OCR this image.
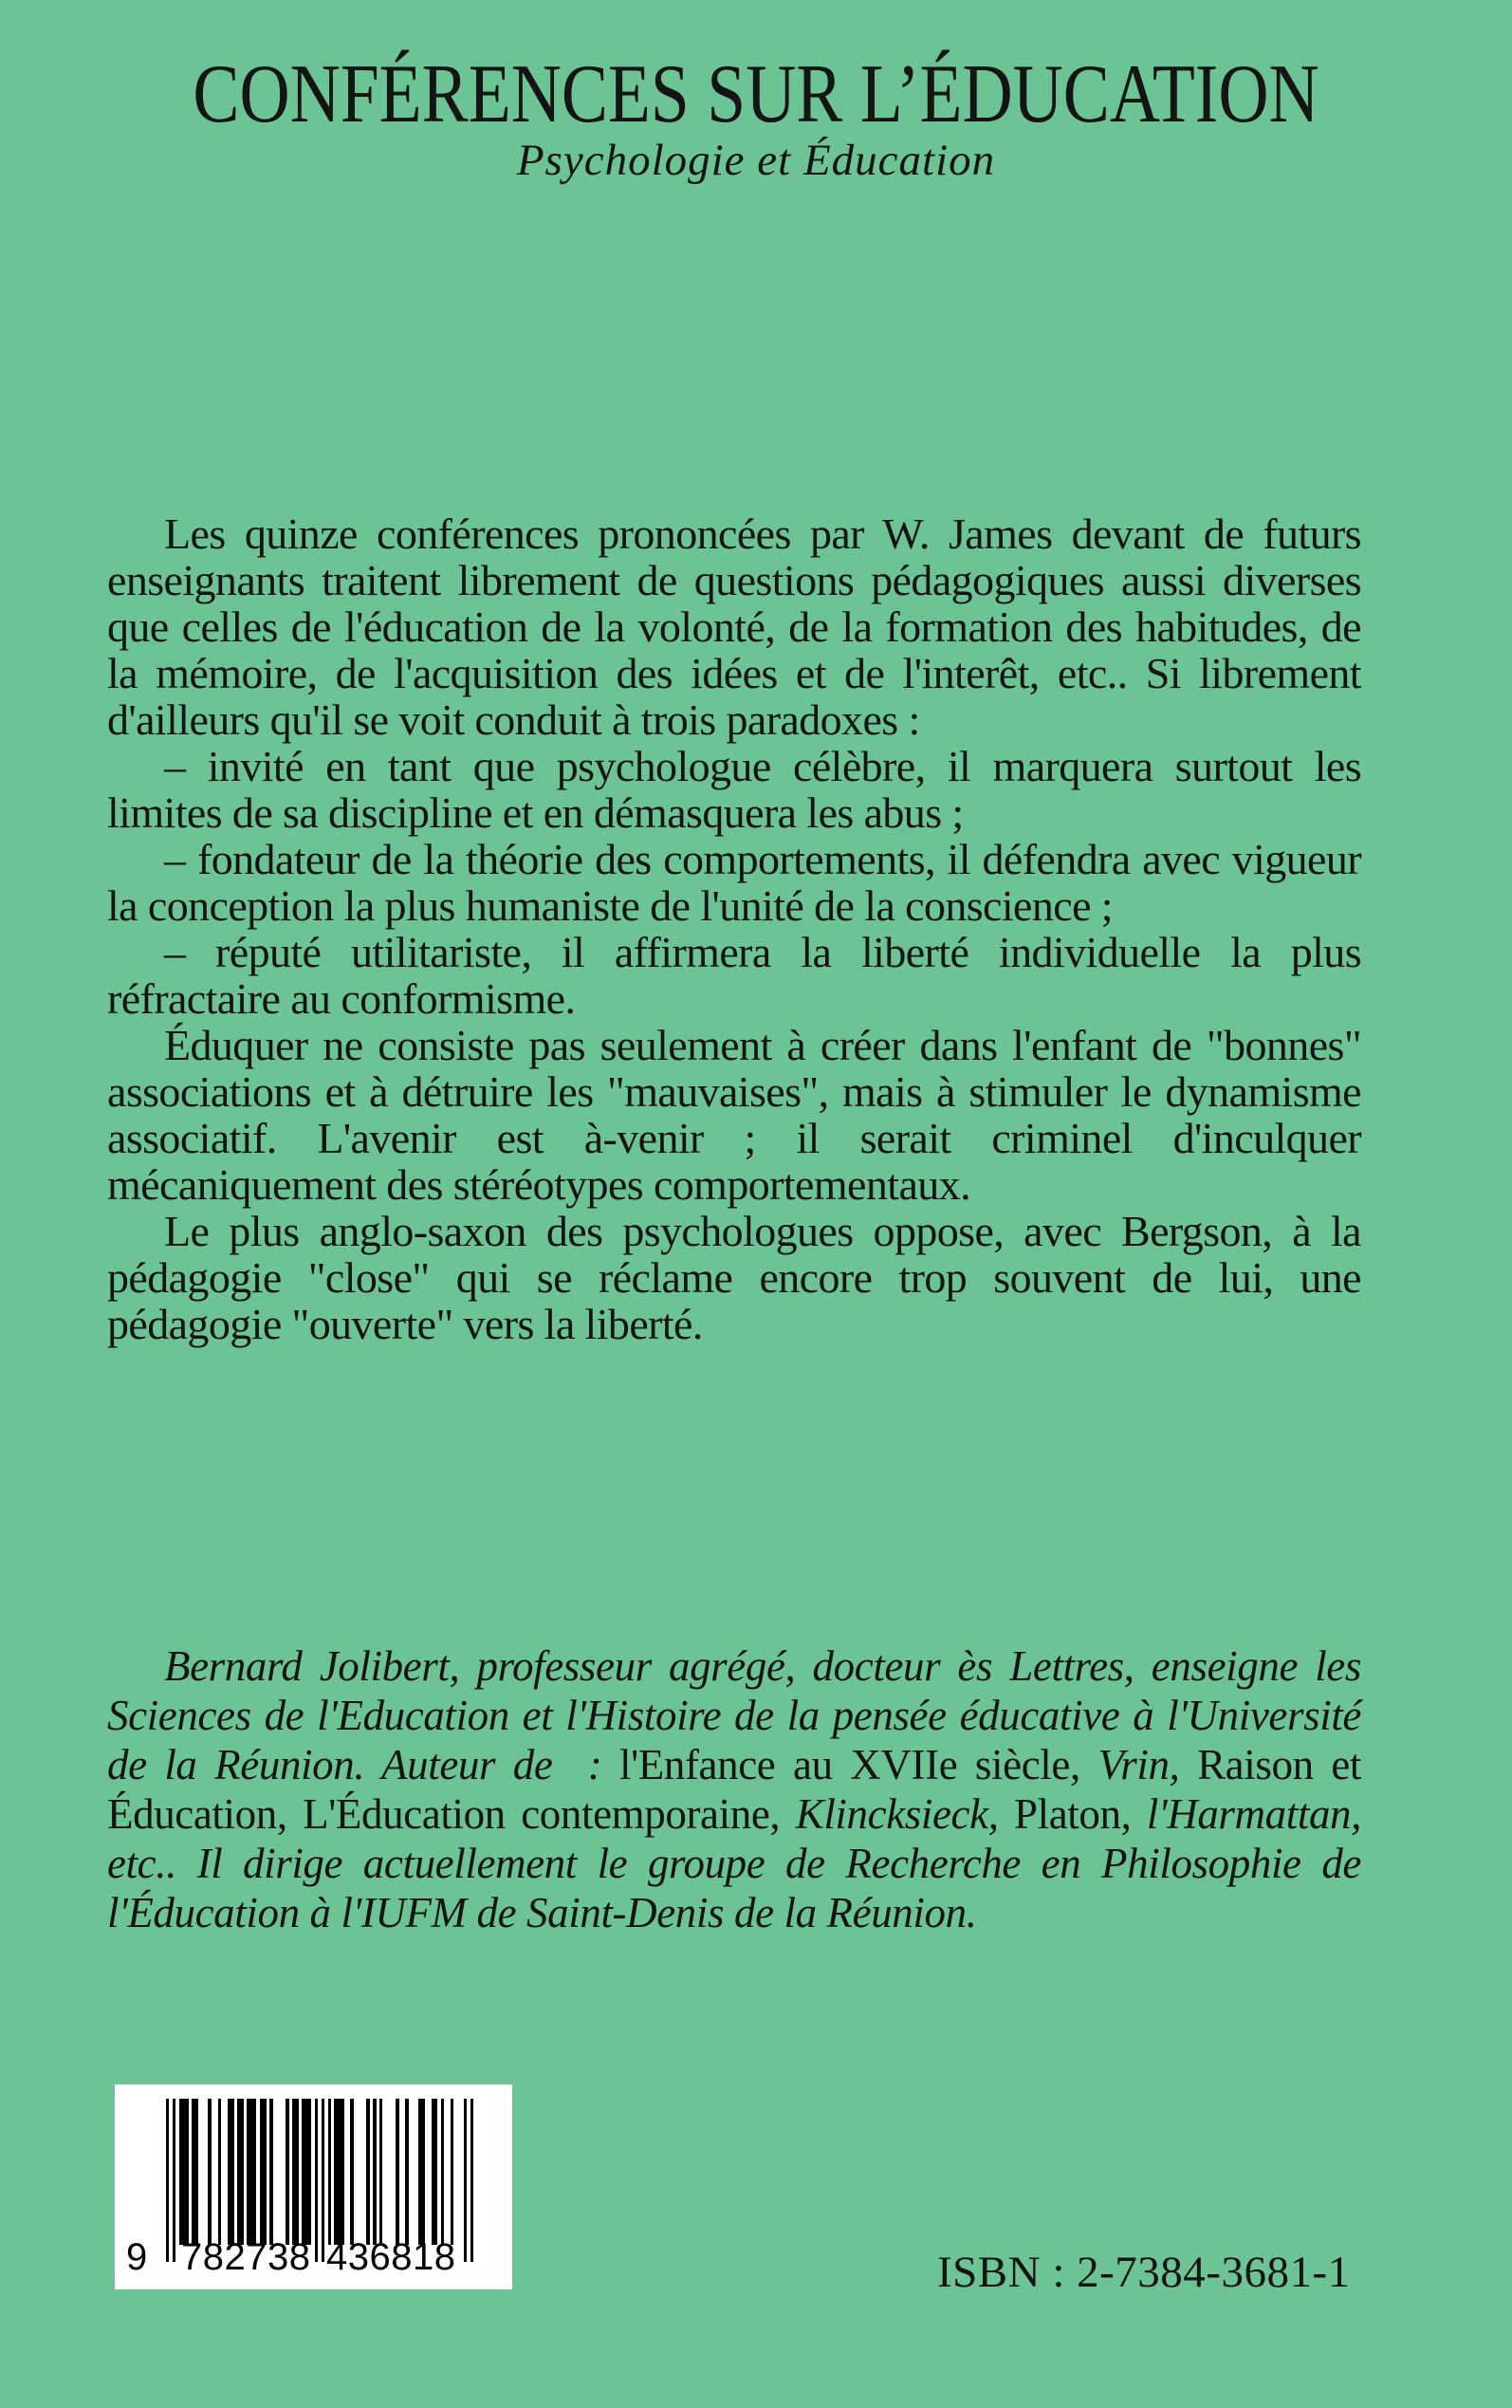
CONFÉRENCES SUR L’ÉDUCATION
Psychologie et Éducation

Les quinze conférences prononcées par W. James devant de futurs enseignants traitent librement de questions pédagogiques aussi diverses que celles de l'éducation de la volonté, de la formation des habitudes, de la mémoire, de l'acquisition des idées et de l'interêt, etc.. Si librement d'ailleurs qu'il se voit conduit à trois paradoxes :

– invité en tant que psychologue célèbre, il marquera surtout les limites de sa discipline et en démasquera les abus ;

– fondateur de la théorie des comportements, il défendra avec vigueur la conception la plus humaniste de l'unité de la conscience ;

– réputé utilitariste, il affirmera la liberté individuelle la plus réfractaire au conformisme.

Éduquer ne consiste pas seulement à créer dans l'enfant de "bonnes" associations et à détruire les "mauvaises", mais à stimuler le dynamisme associatif. L'avenir est à-venir ; il serait criminel d'inculquer mécaniquement des stéréotypes comportementaux.

Le plus anglo-saxon des psychologues oppose, avec Bergson, à la pédagogie "close" qui se réclame encore trop souvent de lui, une pédagogie "ouverte" vers la liberté.

Bernard Jolibert, professeur agrégé, docteur ès Lettres, enseigne les Sciences de l'Education et l'Histoire de la pensée éducative à l'Université de la Réunion. Auteur de  : l'Enfance au XVIIe siècle, Vrin, Raison et Éducation, L'Éducation contemporaine, Klincksieck, Platon, l'Harmattan, etc.. Il dirige actuellement le groupe de Recherche en Philosophie de l'Éducation à l'IUFM de Saint-Denis de la Réunion.

9 782738 436818	ISBN : 2-7384-3681-1
